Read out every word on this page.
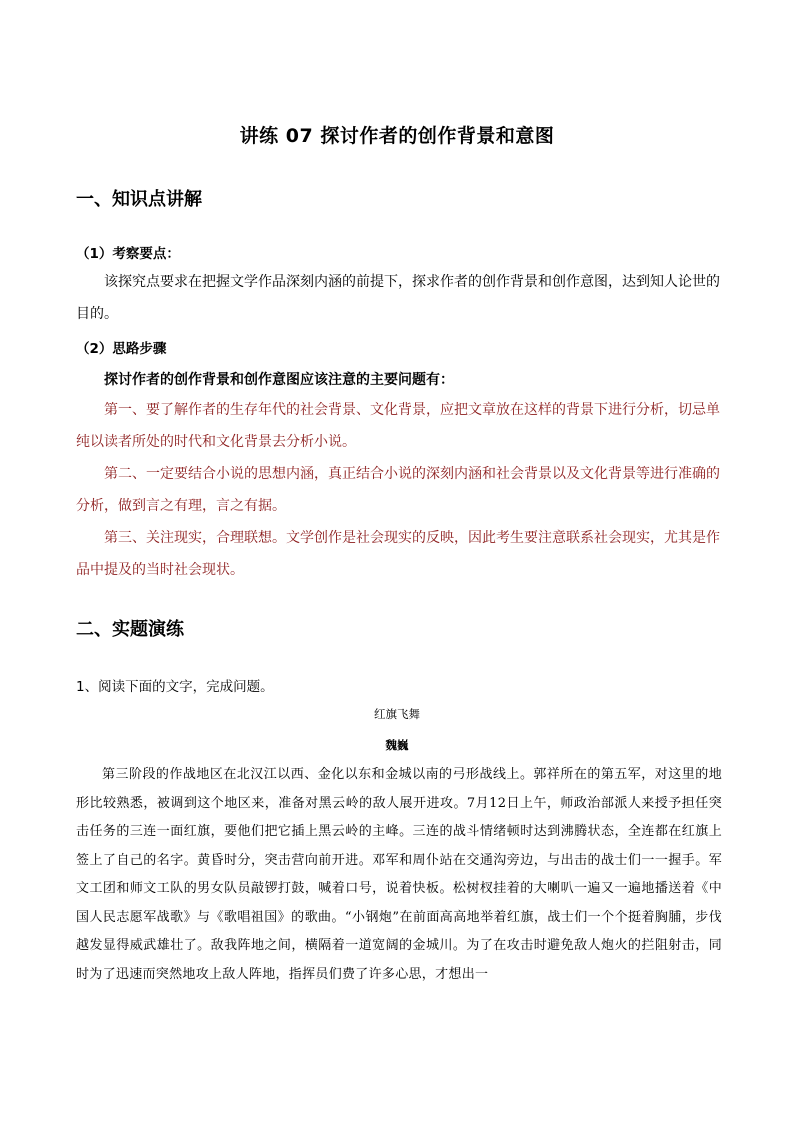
讲练 07 探讨作者的创作背景和意图
一、知识点讲解
（1）考察要点：

该探究点要求在把握文学作品深刻内涵的前提下，探求作者的创作背景和创作意图，达到知人论世的目的。

（2）思路步骤
探讨作者的创作背景和创作意图应该注意的主要问题有：

第一、要了解作者的生存年代的社会背景、文化背景，应把文章放在这样的背景下进行分析，切忌单纯以读者所处的时代和文化背景去分析小说。

第二、一定要结合小说的思想内涵，真正结合小说的深刻内涵和社会背景以及文化背景等进行准确的分析，做到言之有理，言之有据。

第三、关注现实，合理联想。文学创作是社会现实的反映，因此考生要注意联系社会现实，尤其是作品中提及的当时社会现状。

二、实题演练
1、阅读下面的文字，完成问题。
红旗飞舞
魏巍

第三阶段的作战地区在北汉江以西、金化以东和金城以南的弓形战线上。郭祥所在的第五军，对这里的地形比较熟悉，被调到这个地区来，准备对黑云岭的敌人展开进攻。7月12日上午，师政治部派人来授予担任突击任务的三连一面红旗，要他们把它插上黑云岭的主峰。三连的战斗情绪顿时达到沸腾状态，全连都在红旗上签上了自己的名字。黄昏时分，突击营向前开进。邓军和周仆站在交通沟旁边，与出击的战士们一一握手。军文工团和师文工队的男女队员敲锣打鼓，喊着口号，说着快板。松树杈挂着的大喇叭一遍又一遍地播送着《中国人民志愿军战歌》与《歌唱祖国》的歌曲。“小钢炮”在前面高高地举着红旗，战士们一个个挺着胸脯，步伐越发显得威武雄壮了。敌我阵地之间，横隔着一道宽阔的金城川。为了在攻击时避免敌人炮火的拦阻射击，同时为了迅速而突然地攻上敌人阵地，指挥员们费了许多心思，才想出一
